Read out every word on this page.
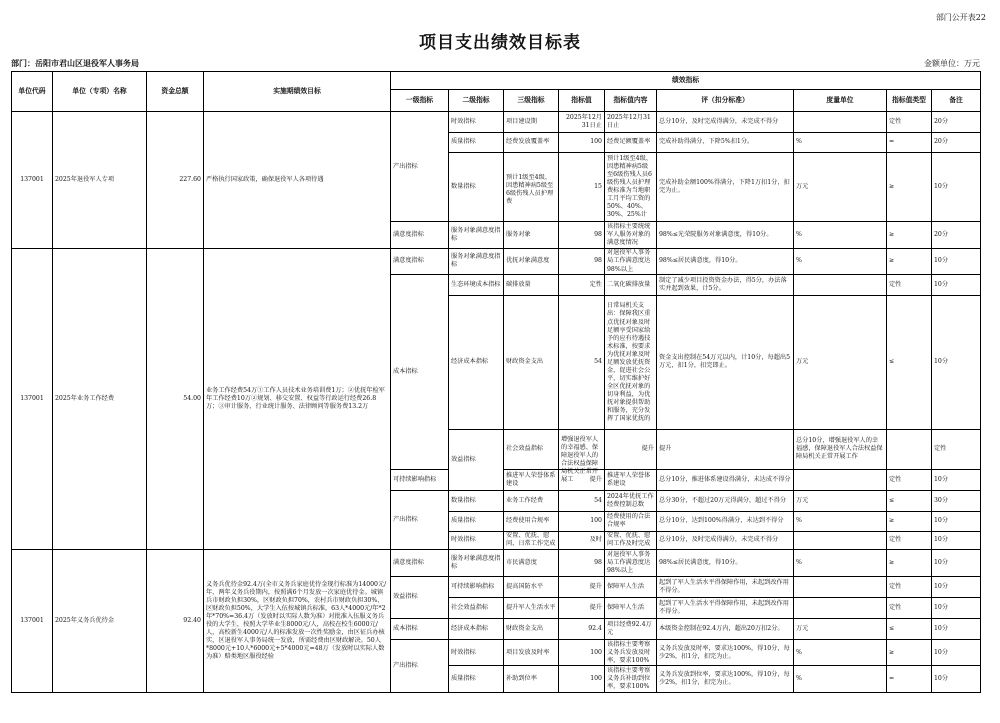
部门公开表22
项目支出绩效目标表
部门：岳阳市君山区退役军人事务局	金额单位：万元
单位代码	单位（专项）名称	资金总额	实施期绩效目标	绩效指标									
				一级指标	二级指标	三级指标	指标值	指标值内容	评（扣分标准）	度量单位	指标值类型	备注	

137001	2025年退役军人专项	227.60	严格执行国家政策，确保退役军人各项待遇	产出指标	时效指标	项目建设期	2025年12月31日止	2025年12月31日止	总分10分，及时完成得满分，未完成不得分		定性	20分	

					质量指标	经费发放覆盖率	100	经费足额覆盖率	完成补助得满分，下降5%扣1分。	%	=	20分	

					数量指标	预计1级至4级、因患精神病5级至6级伤残人员护理费	15	预计1级至4级、因患精神病5级至6级伤残人员6级伤残人员护理费标准为当地职工月平均工资的50%、40%、30%、25%计	完成补助金额100%得满分，下降1万扣1分，扣完为止。	万元	≥	10分	

				满意度指标	服务对象满意度指标	服务对象	98	该指标主要统统军人服务对象的满意度情况	98%≤光荣院服务对象满意度，得10分。	%	≥	20分	

137001	2025年业务工作经费	54.00	业务工作经费54万①工作人员技术业务培训费1万；②优抚年检军年工作经费10万②规划、移交安置、权益等行政运行经费26.8万；③审计服务、行业统计服务、法律顾问等服务费13.2万	满意度指标	服务对象满意度指标	优抚对象满意度	98	对退役军人事务局工作满意度达98%以上	98%≤居民满意度，得10分。	%	≥	10分	

				成本指标	生态环境成本指标	碳排放量	定性	二氧化碳排放量	制定了减少项目投资资金办法，得5分，办法落实并起到效果，计5分。		定性	10分	

					经济成本指标	财政资金支出	54	日常局机关支出：保障我区重点优抚对象及时足额享受国家给予的应有待遇技术标准，按要求为优抚对象及时足额发放优抚资金，促进社会公平，切实维护好全区优抚对象的切身利益，为优抚对象提供帮助和服务，充分发挥了国家优抚的	资金支出控制在54万元以内，计10分，每超出5万元，扣1分，扣完即止。	万元	≤	10分	

					效益指标	社会效益指标	增强退役军人的幸福感、保障退役军人的合法权益保障局机关正常开展工	提升	提升	总分10分，增强退役军人的幸福感，保障退役军人合法权益保障局机关正常开展工作		定性

				可持续影响指标		推进军人荣誉体系建设	提升	推进军人荣誉体系建设	总分10分，推进体系建设得满分，未达成不得分		定性	10分	

				产出指标	数量指标	业务工作经费	54	2024年优抚工作经费控制总数	总分30分，不超过20万元得满分，超过不得分	万元	≤	30分	

					质量指标	经费使用合规率	100	经费使用的合法合规率	总分10分，达到100%得满分，未达到不得分	%	≥	10分	

					时效指标	安置、优抚、慰问、日常工作完成	及时	安置、优抚、慰问工作及时完成	总分10分，及时完成得满分，未完成不得分		定性	10分	

137001	2025年义务兵优待金	92.40	义务兵优待金92.4万(全市义务兵家庭优待金现行标准为14000元/年，两年义务兵役期内，按照满6个月发放一次家庭优待金。城镇兵市财政负担30%，区财政负担70%，农村兵市财政负担30%，区财政负担50%，大学生入伍按城镇兵标准，63人*4000元/年*2年*70%=36.4万（发放时以实际人数为准）对批准入伍服义务兵役的大学生，按照大学毕业生8000元/人，高校在校生6000元/人，高校新生4000元/人的标准发放一次性奖励金，由区征兵办核实，区退役军人事务局统一发放，所需经费由区财政解决。50人*8000元+10人*6000元+5*4000元=48万（发放时以实际人数为准）赔类地区服役经验	满意度指标	服务对象满意度指标	市民满意度	98	对退役军人事务局工作满意度达98%以上	98%≤居民满意度，得10分。	%	≥	10分	

				效益指标	可持续影响指标	提高国防水平	提升	保障军人生活	起到了军人生活水平得保障作用，未起到改作用不得分。		定性	10分	

					社会效益指标	提升军人生活水平	提升	保障军人生活	起到了军人生活水平得保障作用，未起到改作用不得分。		定性	10分	

				成本指标	经济成本指标	财政资金支出	92.4	项目经费92.4万元	本级资金控制在92.4万内，超出20万扣2分。	万元	≤	10分	

				产出指标	时效指标	项目发放及时率	100	该指标主要考察义务兵发放及时率，要求100%	义务兵发放及时率，要求达100%，得10分，每少2%，扣1分，扣完为止。	%	≥	10分	

					质量指标	补助到位率	100	该指标主要考察义务兵补助到位率，要求100%	义务兵发放到位率，要求达100%，得10分，每少2%，扣1分，扣完为止。	%	=	10分	
